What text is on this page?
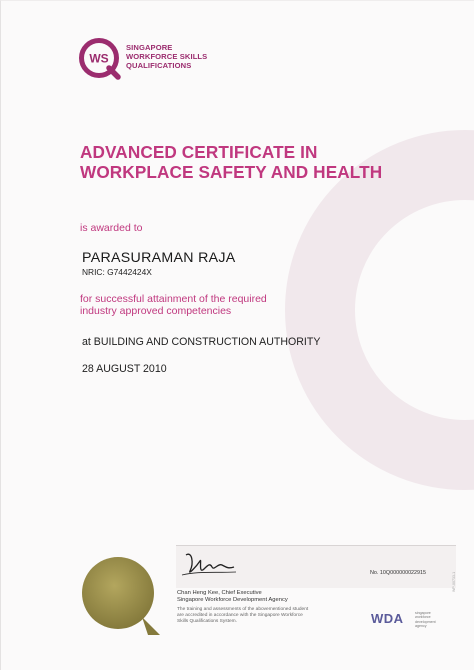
WS
SINGAPORE
WORKFORCE SKILLS
QUALIFICATIONS
ADVANCED CERTIFICATE IN
WORKPLACE SAFETY AND HEALTH
is awarded to
PARASURAMAN RAJA
NRIC: G7442424X
for successful attainment of the required
industry approved competencies
at BUILDING AND CONSTRUCTION AUTHORITY
28 AUGUST 2010
No. 10Q000000022915
Chan Heng Kee, Chief Executive
Singapore Workforce Development Agency
The training and assessments of the abovementioned student
are accredited in accordance with the Singapore Workforce
Skills Qualifications System.	WDA	singapore
workforce
development
agency
WP-00733-1
